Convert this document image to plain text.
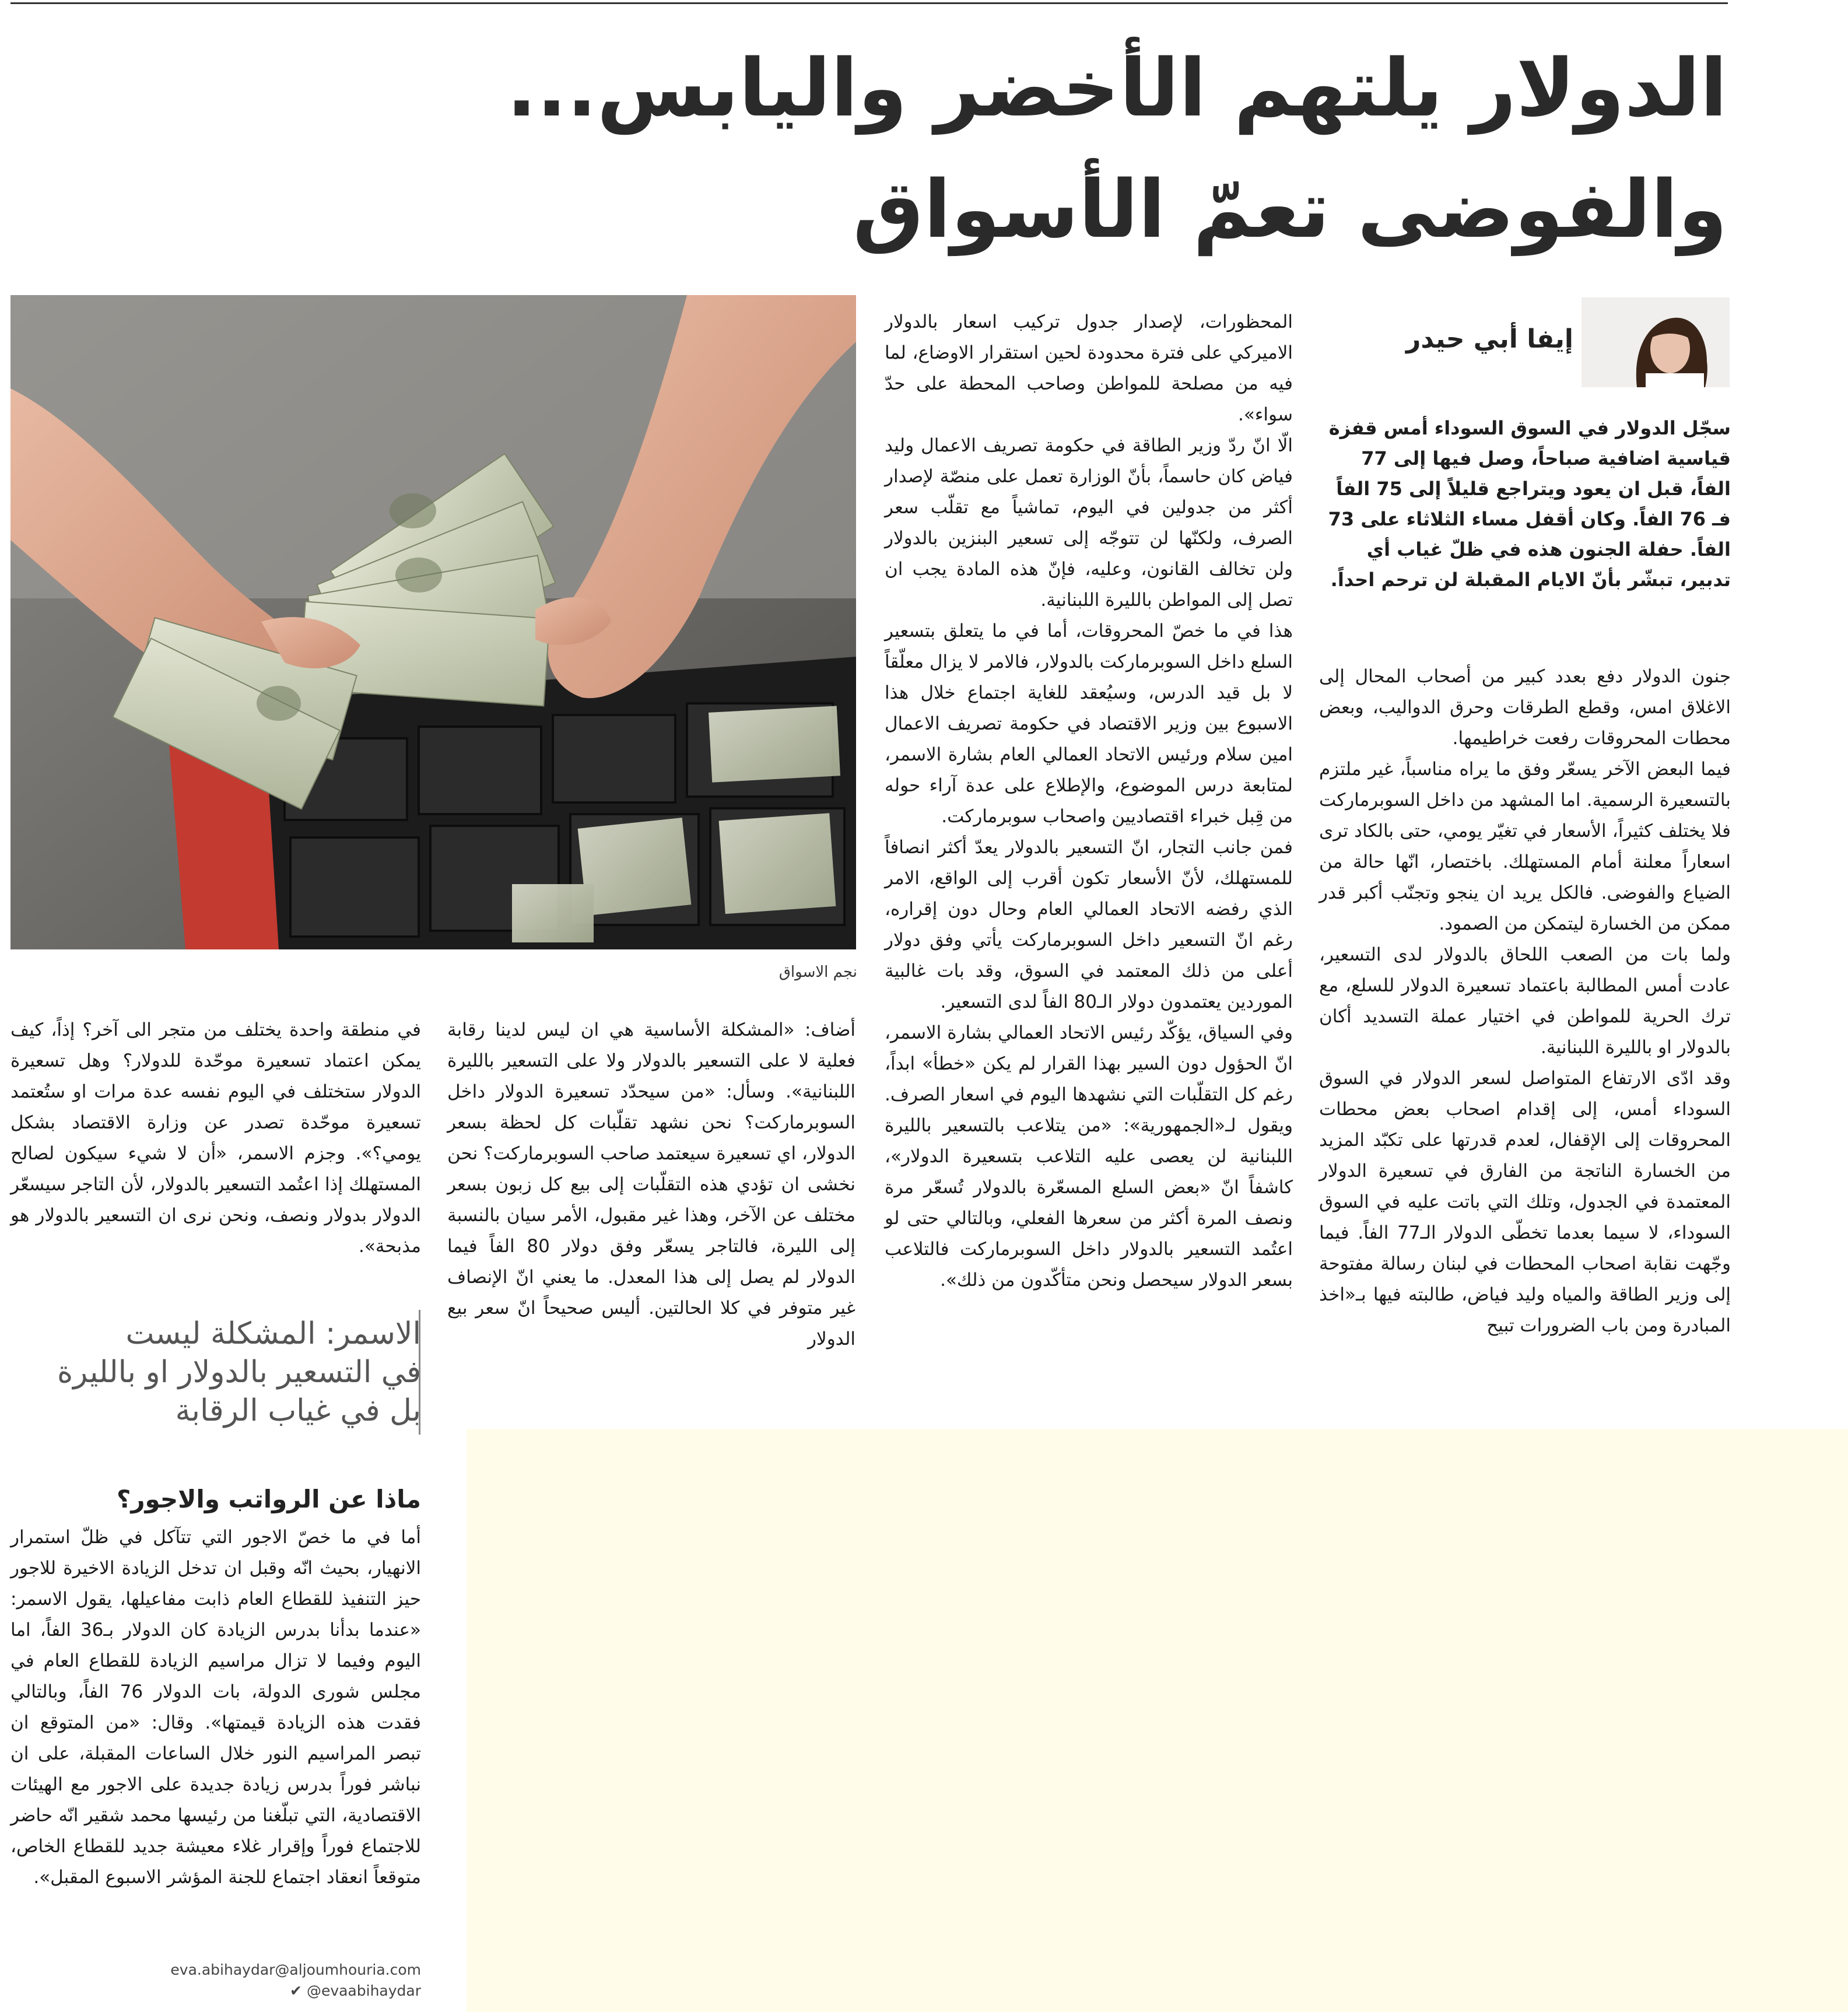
الدولار يلتهم الأخضر واليابس...
والفوضى تعمّ الأسواق
نجم الاسواق
إيفا أبي حيدر
سجّل الدولار في السوق السوداء أمس قفزة قياسية اضافية صباحاً، وصل فيها إلى 77 الفاً، قبل ان يعود ويتراجع قليلاً إلى 75 الفاً فـ 76 الفاً. وكان أقفل مساء الثلاثاء على 73 الفاً. حفلة الجنون هذه في ظلّ غياب أي تدبير، تبشّر بأنّ الايام المقبلة لن ترحم احداً.

جنون الدولار دفع بعدد كبير من أصحاب المحال إلى الاغلاق امس، وقطع الطرقات وحرق الدواليب، وبعض محطات المحروقات رفعت خراطيمها.

فيما البعض الآخر يسعّر وفق ما يراه مناسباً، غير ملتزم بالتسعيرة الرسمية. اما المشهد من داخل السوبرماركت فلا يختلف كثيراً، الأسعار في تغيّر يومي، حتى بالكاد ترى اسعاراً معلنة أمام المستهلك. باختصار، انّها حالة من الضياع والفوضى. فالكل يريد ان ينجو وتجنّب أكبر قدر ممكن من الخسارة ليتمكن من الصمود.

ولما بات من الصعب اللحاق بالدولار لدى التسعير، عادت أمس المطالبة باعتماد تسعيرة الدولار للسلع، مع ترك الحرية للمواطن في اختيار عملة التسديد أكان بالدولار او بالليرة اللبنانية.

وقد ادّى الارتفاع المتواصل لسعر الدولار في السوق السوداء أمس، إلى إقدام اصحاب بعض محطات المحروقات إلى الإقفال، لعدم قدرتها على تكبّد المزيد من الخسارة الناتجة من الفارق في تسعيرة الدولار المعتمدة في الجدول، وتلك التي باتت عليه في السوق السوداء، لا سيما بعدما تخطّى الدولار الـ77 الفاً. فيما وجّهت نقابة اصحاب المحطات في لبنان رسالة مفتوحة إلى وزير الطاقة والمياه وليد فياض، طالبته فيها بـ«اخذ المبادرة ومن باب الضرورات تبيح

المحظورات، لإصدار جدول تركيب اسعار بالدولار الاميركي على فترة محدودة لحين استقرار الاوضاع، لما فيه من مصلحة للمواطن وصاحب المحطة على حدّ سواء».

الّا انّ ردّ وزير الطاقة في حكومة تصريف الاعمال وليد فياض كان حاسماً، بأنّ الوزارة تعمل على منصّة لإصدار أكثر من جدولين في اليوم، تماشياً مع تقلّب سعر الصرف، ولكنّها لن تتوجّه إلى تسعير البنزين بالدولار ولن تخالف القانون، وعليه، فإنّ هذه المادة يجب ان تصل إلى المواطن بالليرة اللبنانية.

هذا في ما خصّ المحروقات، أما في ما يتعلق بتسعير السلع داخل السوبرماركت بالدولار، فالامر لا يزال معلّقاً لا بل قيد الدرس، وسيُعقد للغاية اجتماع خلال هذا الاسبوع بين وزير الاقتصاد في حكومة تصريف الاعمال امين سلام ورئيس الاتحاد العمالي العام بشارة الاسمر، لمتابعة درس الموضوع، والإطلاع على عدة آراء حوله من قِبل خبراء اقتصاديين واصحاب سوبرماركت.

فمن جانب التجار، انّ التسعير بالدولار يعدّ أكثر انصافاً للمستهلك، لأنّ الأسعار تكون أقرب إلى الواقع، الامر الذي رفضه الاتحاد العمالي العام وحال دون إقراره، رغم انّ التسعير داخل السوبرماركت يأتي وفق دولار أعلى من ذلك المعتمد في السوق، وقد بات غالبية الموردين يعتمدون دولار الـ80 الفاً لدى التسعير.

وفي السياق، يؤكّد رئيس الاتحاد العمالي بشارة الاسمر، انّ الحؤول دون السير بهذا القرار لم يكن «خطأ» ابداً، رغم كل التقلّبات التي نشهدها اليوم في اسعار الصرف. ويقول لـ«الجمهورية»: «من يتلاعب بالتسعير بالليرة اللبنانية لن يعصى عليه التلاعب بتسعيرة الدولار»، كاشفاً انّ «بعض السلع المسعّرة بالدولار تُسعّر مرة ونصف المرة أكثر من سعرها الفعلي، وبالتالي حتى لو اعتُمد التسعير بالدولار داخل السوبرماركت فالتلاعب بسعر الدولار سيحصل ونحن متأكّدون من ذلك».

أضاف: «المشكلة الأساسية هي ان ليس لدينا رقابة فعلية لا على التسعير بالدولار ولا على التسعير بالليرة اللبنانية». وسأل: «من سيحدّد تسعيرة الدولار داخل السوبرماركت؟ نحن نشهد تقلّبات كل لحظة بسعر الدولار، اي تسعيرة سيعتمد صاحب السوبرماركت؟ نحن نخشى ان تؤدي هذه التقلّبات إلى بيع كل زبون بسعر مختلف عن الآخر، وهذا غير مقبول، الأمر سيان بالنسبة إلى الليرة، فالتاجر يسعّر وفق دولار 80 الفاً فيما الدولار لم يصل إلى هذا المعدل. ما يعني انّ الإنصاف غير متوفر في كلا الحالتين. أليس صحيحاً انّ سعر بيع الدولار

في منطقة واحدة يختلف من متجر الى آخر؟ إذاً، كيف يمكن اعتماد تسعيرة موحّدة للدولار؟ وهل تسعيرة الدولار ستختلف في اليوم نفسه عدة مرات او ستُعتمد تسعيرة موحّدة تصدر عن وزارة الاقتصاد بشكل يومي؟». وجزم الاسمر، «أن لا شيء سيكون لصالح المستهلك إذا اعتُمد التسعير بالدولار، لأن التاجر سيسعّر الدولار بدولار ونصف، ونحن نرى ان التسعير بالدولار هو مذبحة».

الاسمر: المشكلة ليست
في التسعير بالدولار او بالليرة
بل في غياب الرقابة
ماذا عن الرواتب والاجور؟

أما في ما خصّ الاجور التي تتآكل في ظلّ استمرار الانهيار، بحيث انّه وقبل ان تدخل الزيادة الاخيرة للاجور حيز التنفيذ للقطاع العام ذابت مفاعيلها، يقول الاسمر: «عندما بدأنا بدرس الزيادة كان الدولار بـ36 الفاً، اما اليوم وفيما لا تزال مراسيم الزيادة للقطاع العام في مجلس شورى الدولة، بات الدولار 76 الفاً، وبالتالي فقدت هذه الزيادة قيمتها». وقال: «من المتوقع ان تبصر المراسيم النور خلال الساعات المقبلة، على ان نباشر فوراً بدرس زيادة جديدة على الاجور مع الهيئات الاقتصادية، التي تبلّغنا من رئيسها محمد شقير انّه حاضر للاجتماع فوراً وإقرار غلاء معيشة جديد للقطاع الخاص، متوقعاً انعقاد اجتماع للجنة المؤشر الاسبوع المقبل».

eva.abihaydar@aljoumhouria.com
✔ @evaabihaydar
